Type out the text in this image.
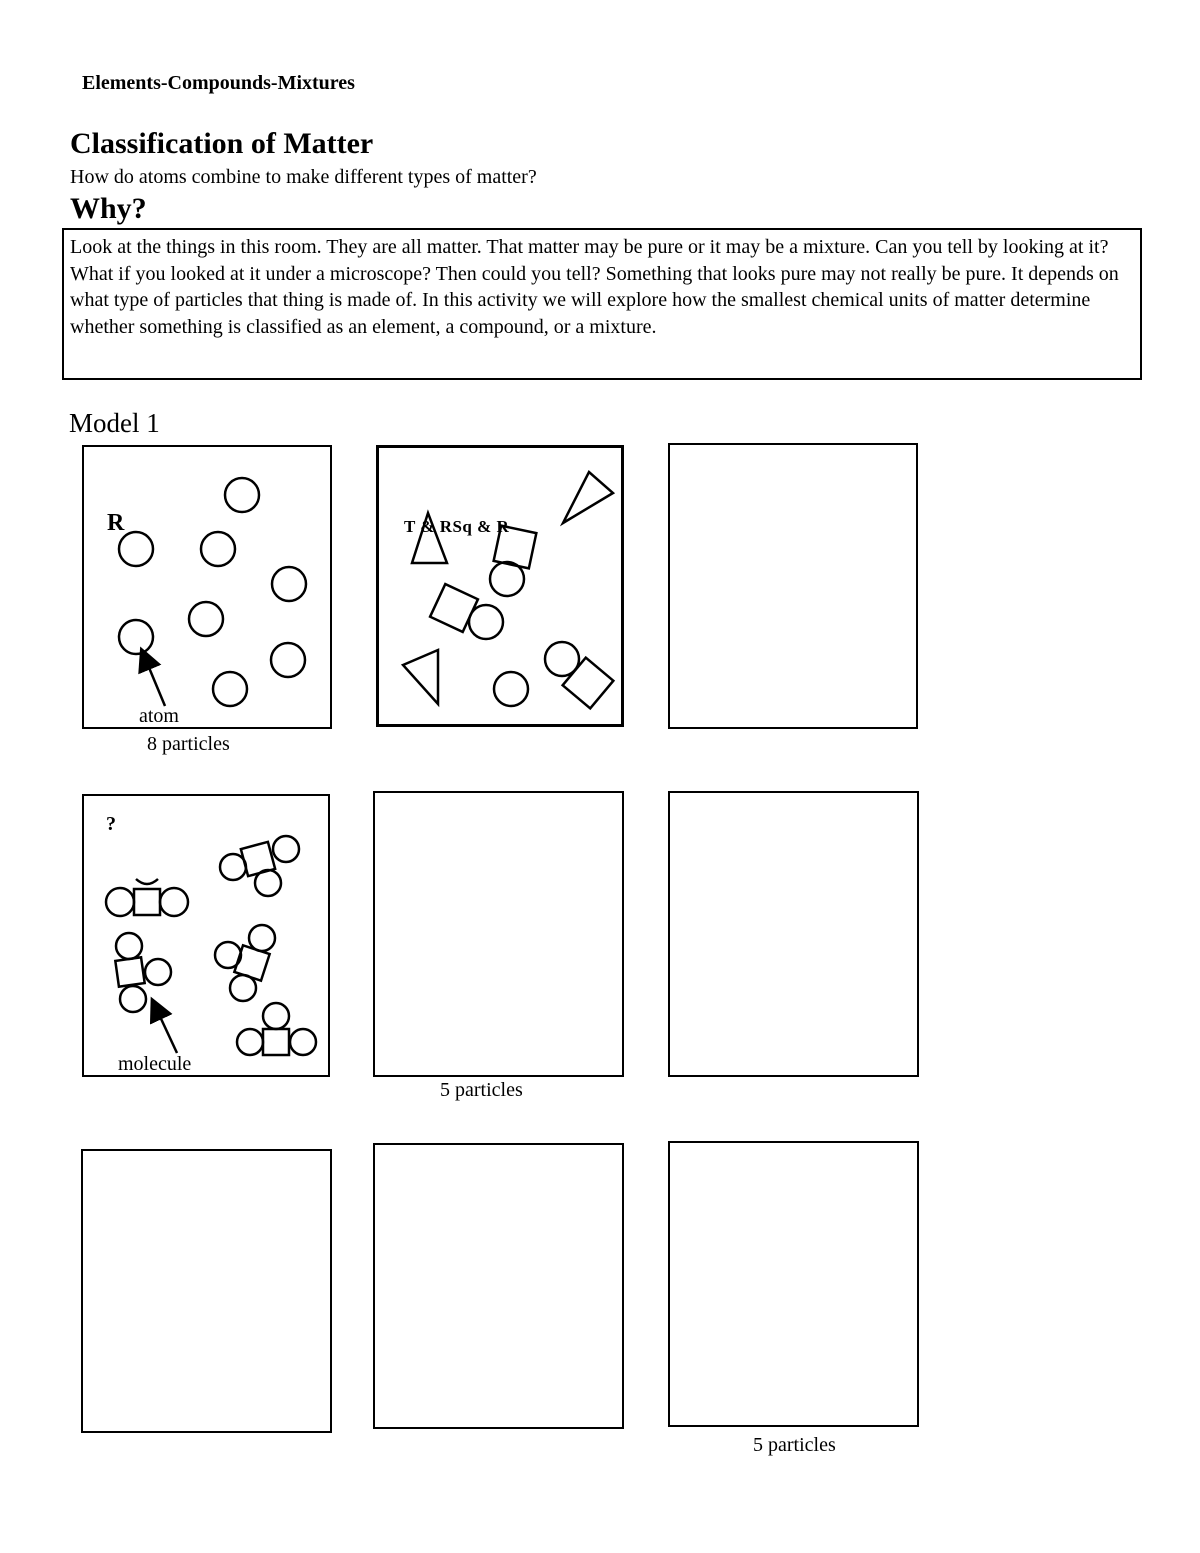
Elements-Compounds-Mixtures
Classification of Matter
How do atoms combine to make different types of matter?
Why?
Look at the things in this room. They are all matter. That matter may be pure or it may be a mixture. Can you tell by looking at it? What if you looked at it under a microscope? Then could you tell? Something that looks pure may not really be pure. It depends on what type of particles that thing is made of. In this activity we will explore how the smallest chemical units of matter determine whether something is classified as an element, a compound, or a mixture.
Model 1
R
atom
8 particles
T & RSq & R
?
molecule
5 particles
5 particles
